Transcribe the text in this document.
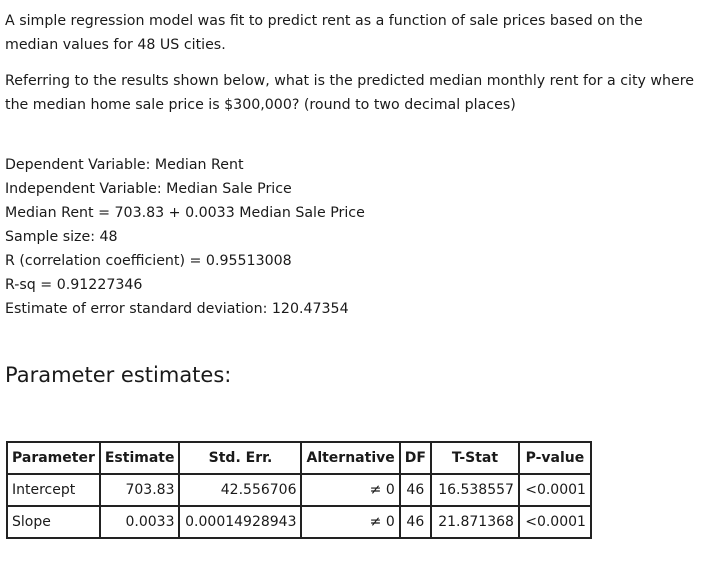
A simple regression model was fit to predict rent as a function of sale prices based on the median values for 48 US cities.

Referring to the results shown below, what is the predicted median monthly rent for a city where the median home sale price is $300,000? (round to two decimal places)

Dependent Variable: Median Rent
Independent Variable: Median Sale Price
Median Rent = 703.83 + 0.0033 Median Sale Price
Sample size: 48
R (correlation coefficient) = 0.95513008
R-sq = 0.91227346
Estimate of error standard deviation: 120.47354
Parameter estimates:
Parameter	Estimate	Std. Err.	Alternative	DF	T-Stat	P-value
Intercept	703.83	42.556706	≠ 0	46	16.538557	<0.0001
Slope	0.0033	0.00014928943	≠ 0	46	21.871368	<0.0001
